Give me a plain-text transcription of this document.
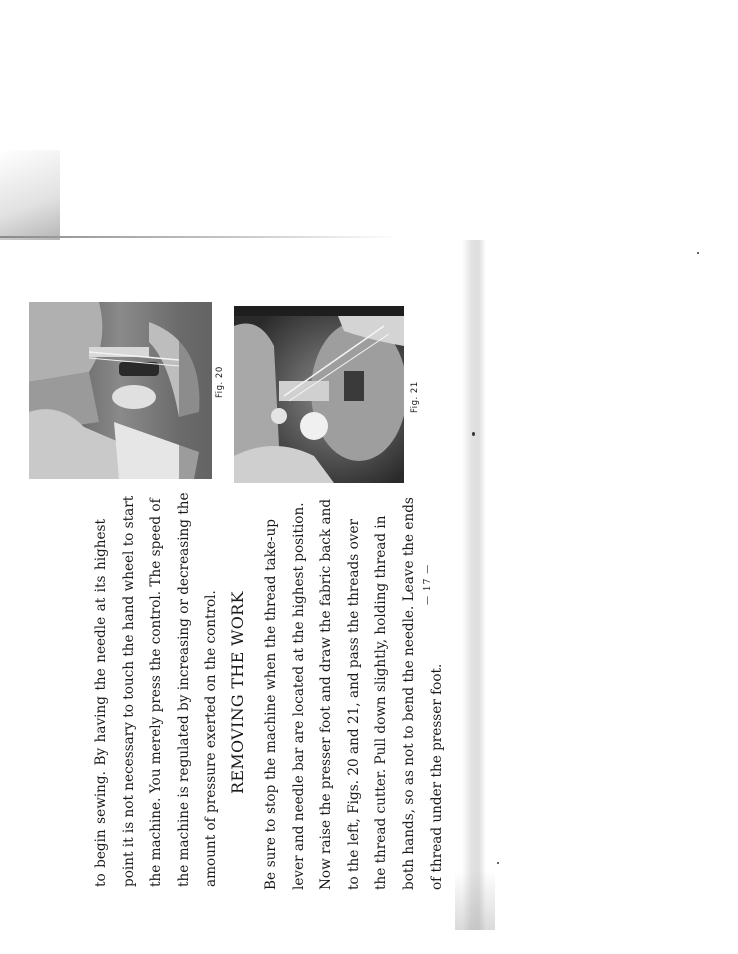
to begin sewing. By having the needle at its highest point it is not necessary to touch the hand wheel to start the machine. You merely press the control. The speed of the machine is regulated by increasing or decreasing the amount of pressure exerted on the control. REMOVING THE WORK	Be sure to stop the machine when the thread take-up lever and needle bar are located at the highest position. Now raise the presser foot and draw the fabric back and to the left, Figs. 20 and 21, and pass the threads over the thread cutter. Pull down slightly, holding thread in both hands, so as not to bend the needle. Leave the ends of thread under the presser foot.
Fig. 20	Fig. 21
— 17 —
